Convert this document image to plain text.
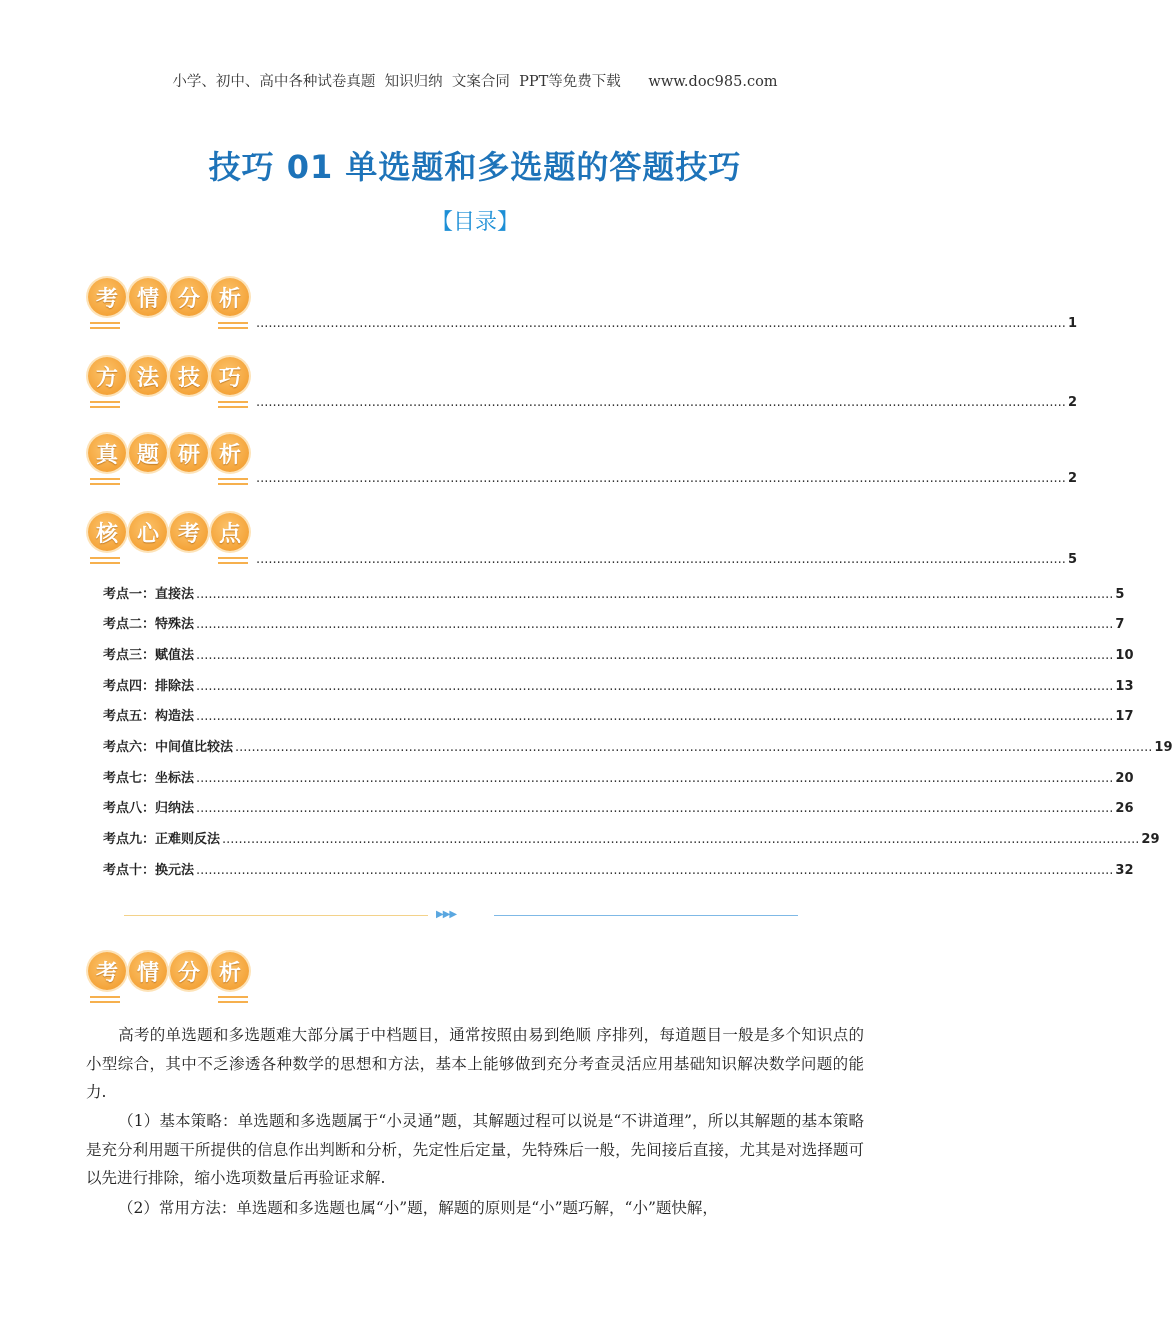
小学、初中、高中各种试卷真题  知识归纳  文案合同  PPT等免费下载      www.doc985.com
技巧 01 单选题和多选题的答题技巧
【目录】
考 情 分 析
.................................................................................................................................................................................................... 1
方 法 技 巧
.................................................................................................................................................................................................... 2
真 题 研 析
.................................................................................................................................................................................................... 2
核 心 考 点
.................................................................................................................................................................................................... 5
考点一：直接法 .............................................................................................................................................................................................................................. 5
考点二：特殊法 .............................................................................................................................................................................................................................. 7
考点三：赋值法 .............................................................................................................................................................................................................................. 10
考点四：排除法 .............................................................................................................................................................................................................................. 13
考点五：构造法 .............................................................................................................................................................................................................................. 17
考点六：中间值比较法 .............................................................................................................................................................................................................................. 19
考点七：坐标法 .............................................................................................................................................................................................................................. 20
考点八：归纳法 .............................................................................................................................................................................................................................. 26
考点九：正难则反法 .............................................................................................................................................................................................................................. 29
考点十：换元法 .............................................................................................................................................................................................................................. 32
▶▶▶
考 情 分 析
高考的单选题和多选题难大部分属于中档题目，通常按照由易到绝顺 序排列，每道题目一般是多个知识点的小型综合，其中不乏渗透各种数学的思想和方法，基本上能够做到充分考查灵活应用基础知识解决数学问题的能力.
（1）基本策略：单选题和多选题属于“小灵通”题，其解题过程可以说是“不讲道理”，所以其解题的基本策略是充分利用题干所提供的信息作出判断和分析，先定性后定量，先特殊后一般，先间接后直接，尤其是对选择题可以先进行排除，缩小选项数量后再验证求解.
（2）常用方法：单选题和多选题也属“小”题，解题的原则是“小”题巧解，“小”题快解，
